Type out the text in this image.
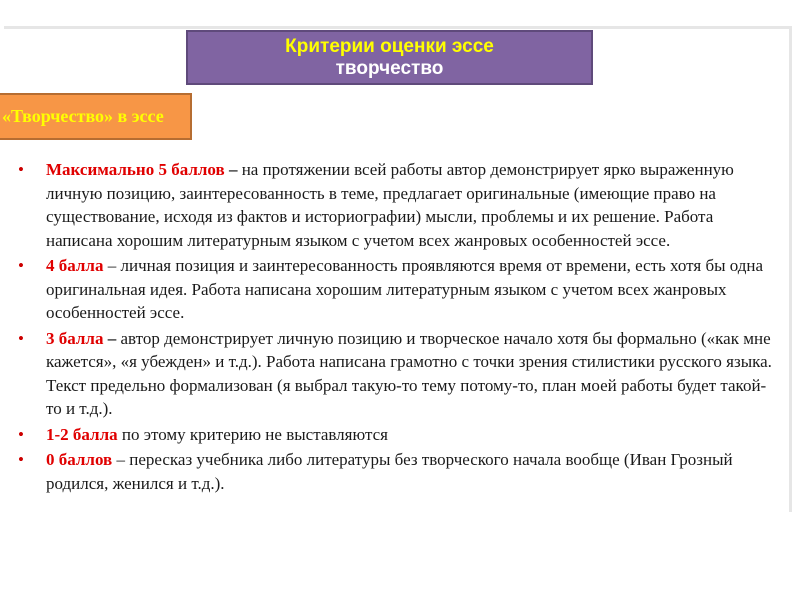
Критерии оценки эссе
творчество
«Творчество» в эссе
• Максимально 5 баллов – на протяжении всей работы автор демонстрирует ярко выраженную личную позицию, заинтересованность в теме, предлагает оригинальные (имеющие право на существование, исходя из фактов и историографии) мысли, проблемы и их решение. Работа написана хорошим литературным языком с учетом всех жанровых особенностей эссе.
• 4 балла – личная позиция и заинтересованность проявляются время от времени, есть хотя бы одна оригинальная идея. Работа написана хорошим литературным языком с учетом всех жанровых особенностей эссе.
• 3 балла – автор демонстрирует личную позицию и творческое начало хотя бы формально («как мне кажется», «я убежден» и т.д.). Работа написана грамотно с точки зрения стилистики русского языка. Текст предельно формализован (я выбрал такую-то тему потому-то, план моей работы будет такой-то и т.д.).
• 1-2 балла по этому критерию не выставляются
• 0 баллов – пересказ учебника либо литературы без творческого начала вообще (Иван Грозный родился, женился и т.д.).
